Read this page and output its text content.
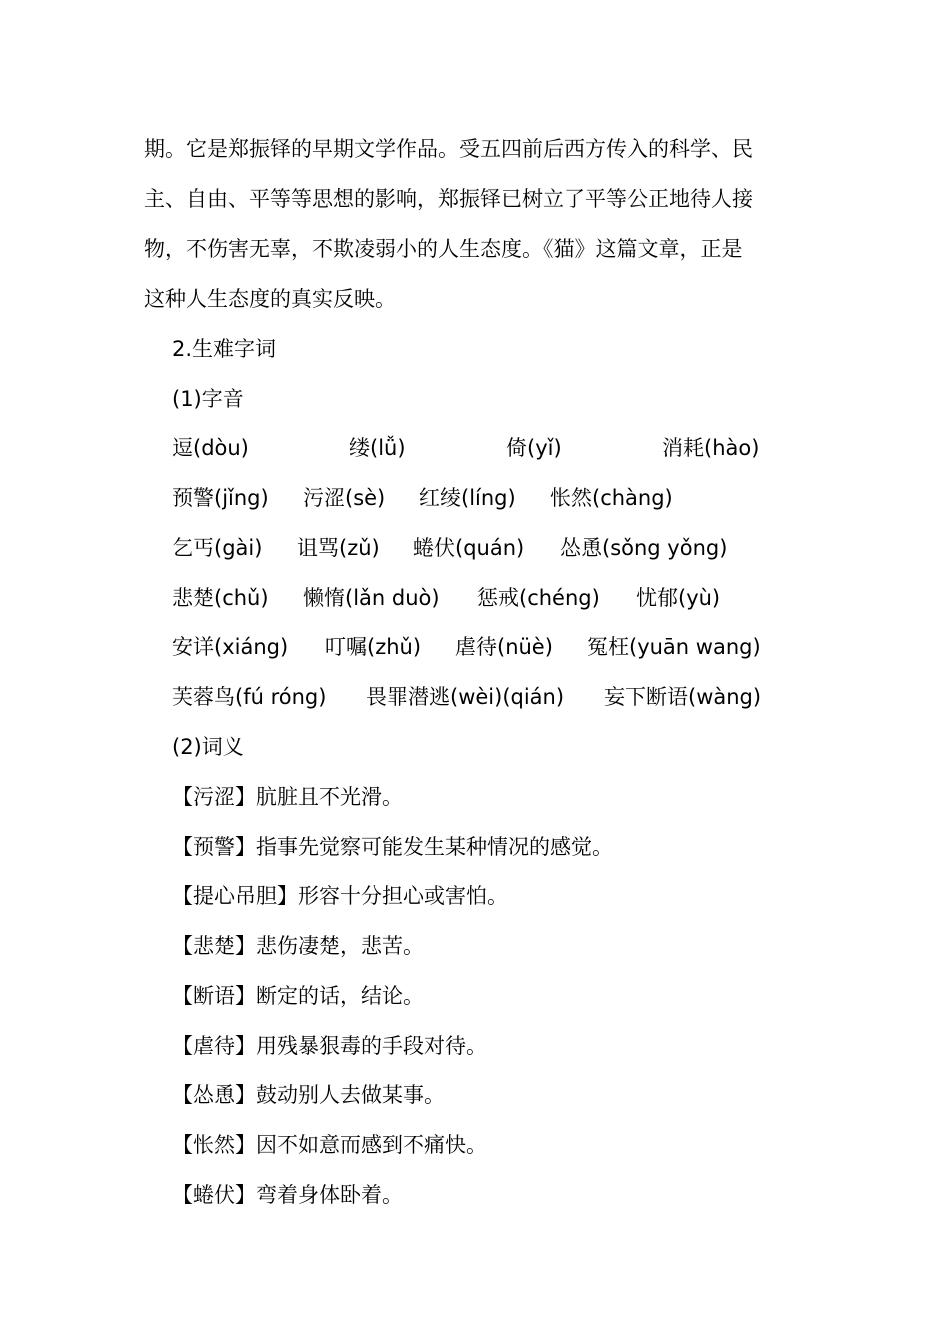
期。它是郑振铎的早期文学作品。受五四前后西方传入的科学、民
主、自由、平等等思想的影响，郑振铎已树立了平等公正地待人接
物，不伤害无辜，不欺凌弱小的人生态度。《猫》这篇文章，正是
这种人生态度的真实反映。
2.生难字词
(1)字音
逗(dòu)	缕(lǚ)	倚(yǐ)	消耗(hào)
预警(jǐng) 污涩(sè) 红绫(líng) 怅然(chàng)
乞丐(gài) 诅骂(zǔ) 蜷伏(quán) 怂恿(sǒng yǒng)
悲楚(chǔ) 懒惰(lǎn duò) 惩戒(chéng) 忧郁(yù)
安详(xiáng) 叮嘱(zhǔ) 虐待(nüè) 冤枉(yuān wang)
芙蓉鸟(fú róng) 畏罪潜逃(wèi)(qián) 妄下断语(wàng)
(2)词义
【污涩】肮脏且不光滑。
【预警】指事先觉察可能发生某种情况的感觉。
【提心吊胆】形容十分担心或害怕。
【悲楚】悲伤凄楚，悲苦。
【断语】断定的话，结论。
【虐待】用残暴狠毒的手段对待。
【怂恿】鼓动别人去做某事。
【怅然】因不如意而感到不痛快。
【蜷伏】弯着身体卧着。
